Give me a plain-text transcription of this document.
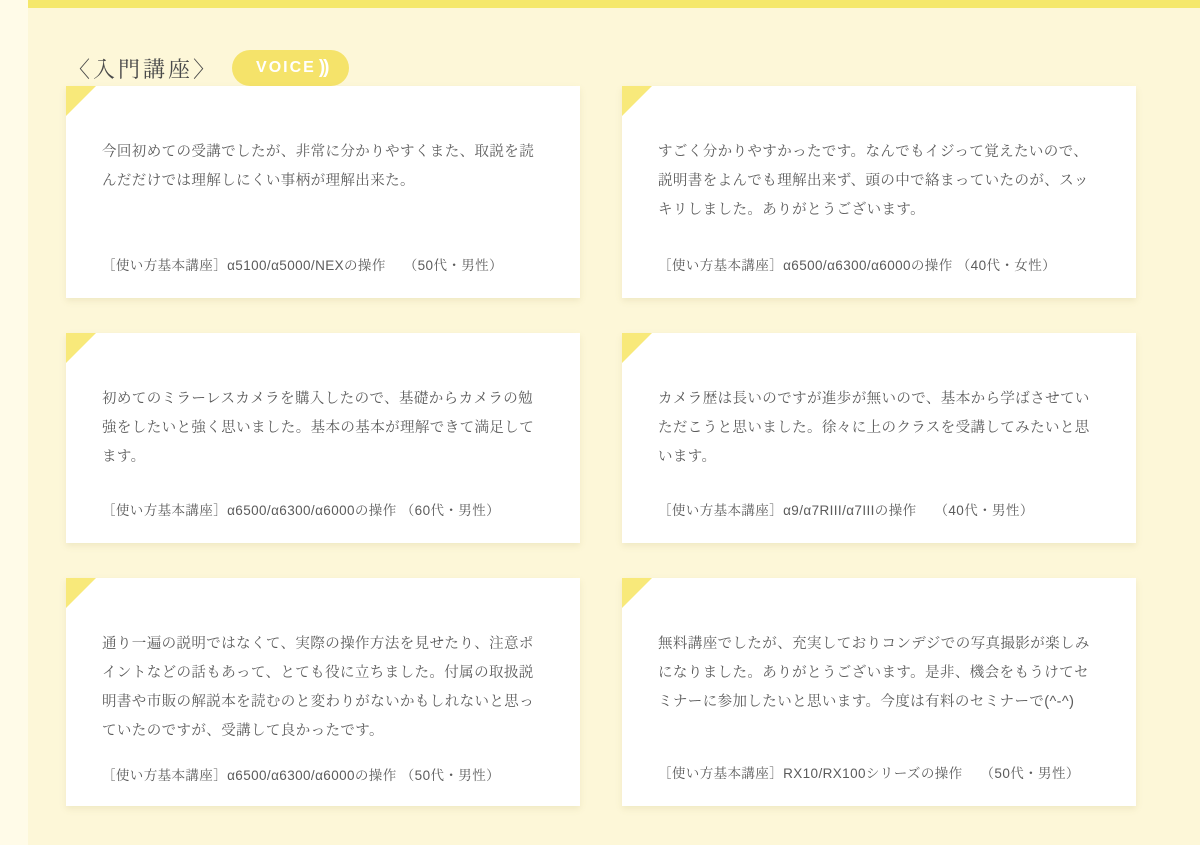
〈入門講座〉 VOICE ))

今回初めての受講でしたが、非常に分かりやすくまた、取説を読んだだけでは理解しにくい事柄が理解出来た。

［使い方基本講座］α5100/α5000/NEXの操作 （50代・男性）

すごく分かりやすかったです。なんでもイジって覚えたいので、説明書をよんでも理解出来ず、頭の中で絡まっていたのが、スッキリしました。ありがとうございます。

［使い方基本講座］α6500/α6300/α6000の操作 （40代・女性）

初めてのミラーレスカメラを購入したので、基礎からカメラの勉強をしたいと強く思いました。基本の基本が理解できて満足してます。

［使い方基本講座］α6500/α6300/α6000の操作 （60代・男性）

カメラ歴は長いのですが進歩が無いので、基本から学ばさせていただこうと思いました。徐々に上のクラスを受講してみたいと思います。

［使い方基本講座］α9/α7RIII/α7IIIの操作 （40代・男性）

通り一遍の説明ではなくて、実際の操作方法を見せたり、注意ポイントなどの話もあって、とても役に立ちました。付属の取扱説明書や市販の解説本を読むのと変わりがないかもしれないと思っていたのですが、受講して良かったです。

［使い方基本講座］α6500/α6300/α6000の操作 （50代・男性）

無料講座でしたが、充実しておりコンデジでの写真撮影が楽しみになりました。ありがとうございます。是非、機会をもうけてセミナーに参加したいと思います。今度は有料のセミナーで(^-^)

［使い方基本講座］RX10/RX100シリーズの操作 （50代・男性）
